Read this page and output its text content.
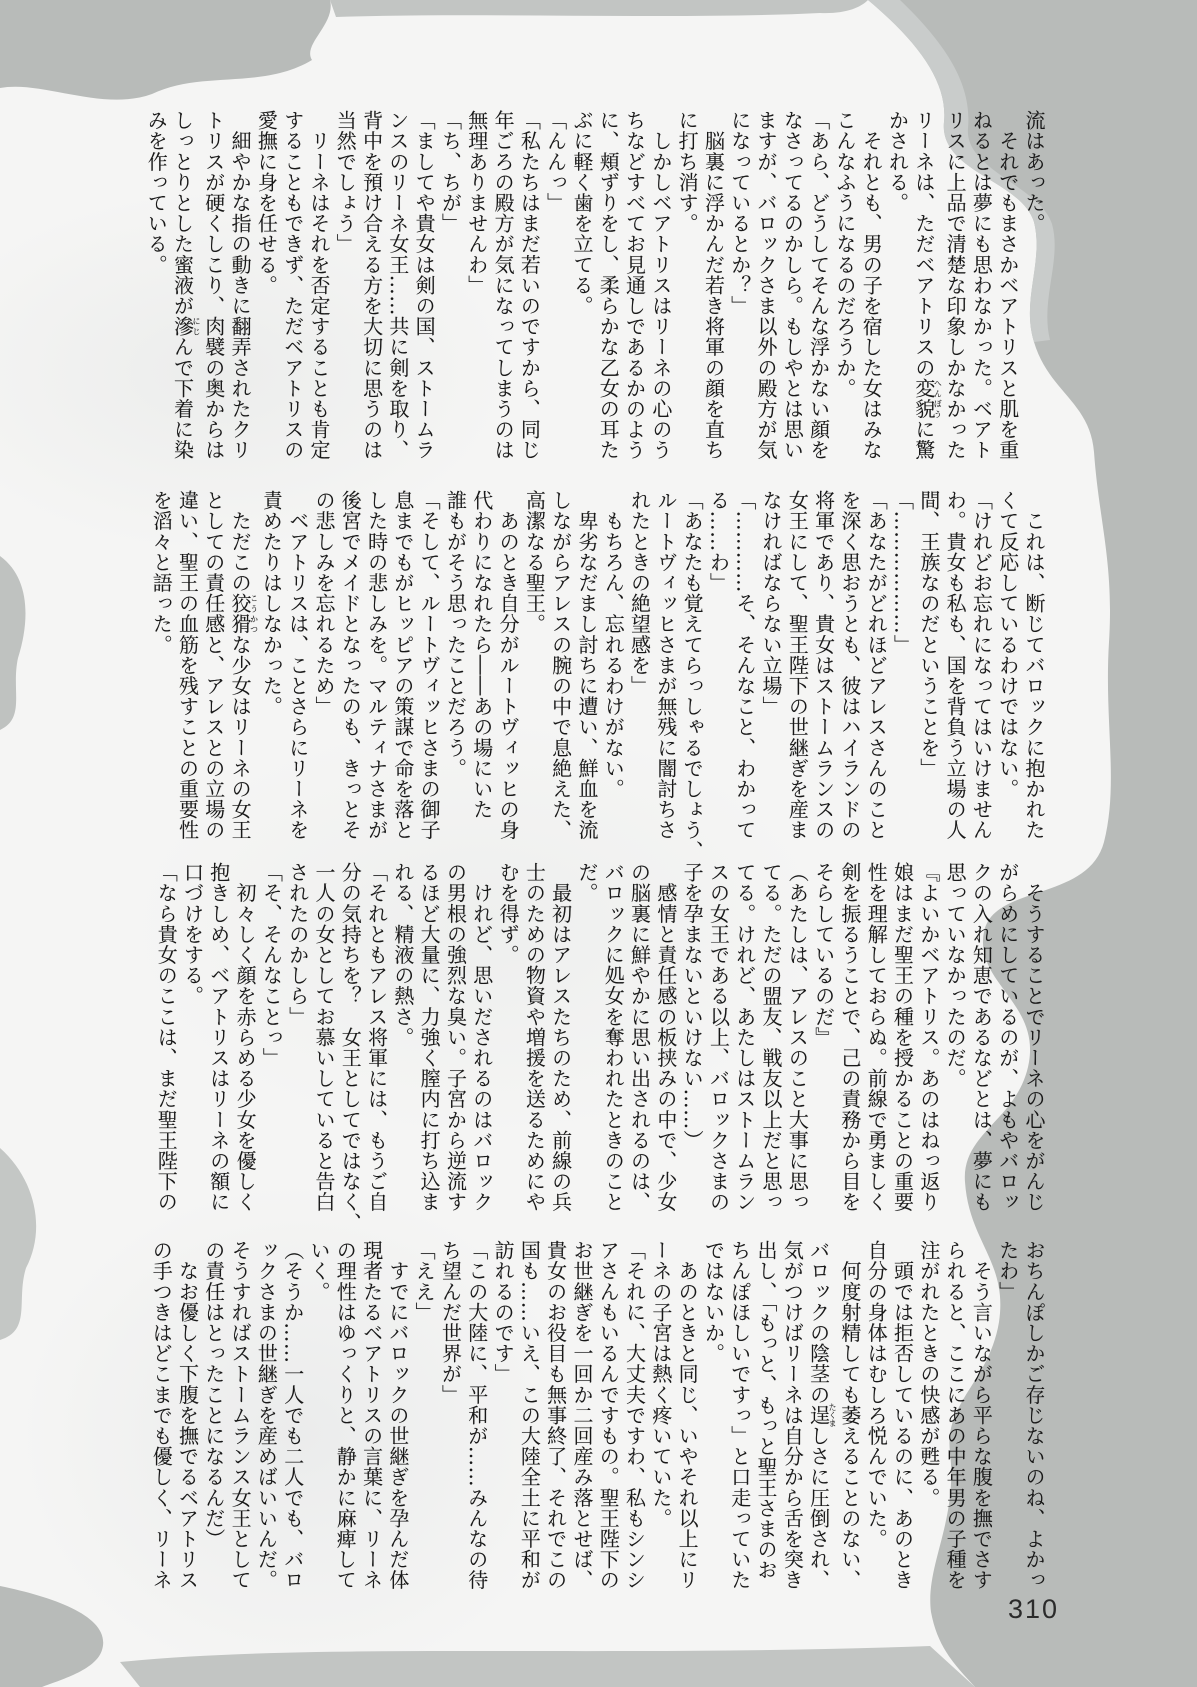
流はあった。
　それでもまさかベアトリスと肌を重
ねるとは夢にも思わなかった。ベアト
リスに上品で清楚な印象しかなかった
リーネは、ただベアトリスの変貌へんぼうに驚
かされる。
　それとも、男の子を宿した女はみな
こんなふうになるのだろうか。
「あら、どうしてそんな浮かない顔を
なさってるのかしら。もしやとは思い
ますが、バロックさま以外の殿方が気
になっているとか？」
　脳裏に浮かんだ若き将軍の顔を直ち
に打ち消す。
　しかしベアトリスはリーネの心のう
ちなどすべてお見通しであるかのよう
に、頬ずりをし、柔らかな乙女の耳た
ぶに軽く歯を立てる。
「んんっ」
「私たちはまだ若いのですから、同じ
年ごろの殿方が気になってしまうのは
無理ありませんわ」
「ち、ちが」
「ましてや貴女は剣の国、ストームラ
ンスのリーネ女王……共に剣を取り、
背中を預け合える方を大切に思うのは
当然でしょう」
　リーネはそれを否定することも肯定
することもできず、ただベアトリスの
愛撫に身を任せる。
　細やかな指の動きに翻弄されたクリ
トリスが硬くしこり、肉襞の奥からは
しっとりとした蜜液が滲にじんで下着に染
みを作っている。
　これは、断じてバロックに抱かれた
くて反応しているわけではない。
「けれどお忘れになってはいけません
わ。貴女も私も、国を背負う立場の人
間、王族なのだということを」
「………………」
「あなたがどれほどアレスさんのこと
を深く思おうとも、彼はハイランドの
将軍であり、貴女はストームランスの
女王にして、聖王陛下の世継ぎを産ま
なければならない立場」
「…………そ、そんなこと、わかって
る……わ」
「あなたも覚えてらっしゃるでしょう、
ルートヴィッヒさまが無残に闇討ちさ
れたときの絶望感を」
　もちろん、忘れるわけがない。
　卑劣なだまし討ちに遭い、鮮血を流
しながらアレスの腕の中で息絶えた、
高潔なる聖王。
　あのとき自分がルートヴィッヒの身
代わりになれたら――あの場にいた
誰もがそう思ったことだろう。
「そして、ルートヴィッヒさまの御子
息までもがヒッピアの策謀で命を落と
した時の悲しみを。マルティナさまが
後宮でメイドとなったのも、きっとそ
の悲しみを忘れるため」
　ベアトリスは、ことさらにリーネを
責めたりはしなかった。
　ただこの狡猾こうかつな少女はリーネの女王
としての責任感と、アレスとの立場の
違い、聖王の血筋を残すことの重要性
を滔々と語った。
　そうすることでリーネの心をがんじ
がらめにしているのが、よもやバロッ
クの入れ知恵であるなどとは、夢にも
思っていなかったのだ。
『よいかベアトリス。あのはねっ返り
娘はまだ聖王の種を授かることの重要
性を理解しておらぬ。前線で勇ましく
剣を振るうことで、己の責務から目を
そらしているのだ』
（あたしは、アレスのこと大事に思っ
てる。ただの盟友、戦友以上だと思っ
てる。けれど、あたしはストームラン
スの女王である以上、バロックさまの
子を孕まないといけない……）
　感情と責任感の板挟みの中で、少女
の脳裏に鮮やかに思い出されるのは、
バロックに処女を奪われたときのこと
だ。
　最初はアレスたちのため、前線の兵
士のための物資や増援を送るためにや
むを得ず。
　けれど、思いだされるのはバロック
の男根の強烈な臭い。子宮から逆流す
るほど大量に、力強く膣内に打ち込ま
れる、精液の熱さ。
「それともアレス将軍には、もうご自
分の気持ちを？　女王としてではなく、
一人の女としてお慕いしていると告白
されたのかしら」
「そ、そんなことっ」
　初々しく顔を赤らめる少女を優しく
抱きしめ、ベアトリスはリーネの額に
口づけをする。
「なら貴女のここは、まだ聖王陛下の
おちんぽしかご存じないのね、よかっ
たわ」
　そう言いながら平らな腹を撫でさす
られると、ここにあの中年男の子種を
注がれたときの快感が甦る。
　頭では拒否しているのに、あのとき
自分の身体はむしろ悦んでいた。
　何度射精しても萎えることのない、
バロックの陰茎の逞たくましさに圧倒され、
気がつけばリーネは自分から舌を突き
出し、「もっと、もっと聖王さまのお
ちんぽほしいですっ」と口走っていた
ではないか。
　あのときと同じ、いやそれ以上にリ
ーネの子宮は熱く疼いていた。
「それに、大丈夫ですわ、私もシンシ
アさんもいるんですもの。聖王陛下の
お世継ぎを一回か二回産み落とせば、
貴女のお役目も無事終了、それでこの
国も……いえ、この大陸全土に平和が
訪れるのです」
「この大陸に、平和が……みんなの待
ち望んだ世界が」
「ええ」
　すでにバロックの世継ぎを孕んだ体
現者たるベアトリスの言葉に、リーネ
の理性はゆっくりと、静かに麻痺して
いく。
（そうか……一人でも二人でも、バロ
ックさまの世継ぎを産めばいいんだ。
そうすればストームランス女王として
の責任はとったことになるんだ）
　なお優しく下腹を撫でるベアトリス
の手つきはどこまでも優しく、リーネ
310
